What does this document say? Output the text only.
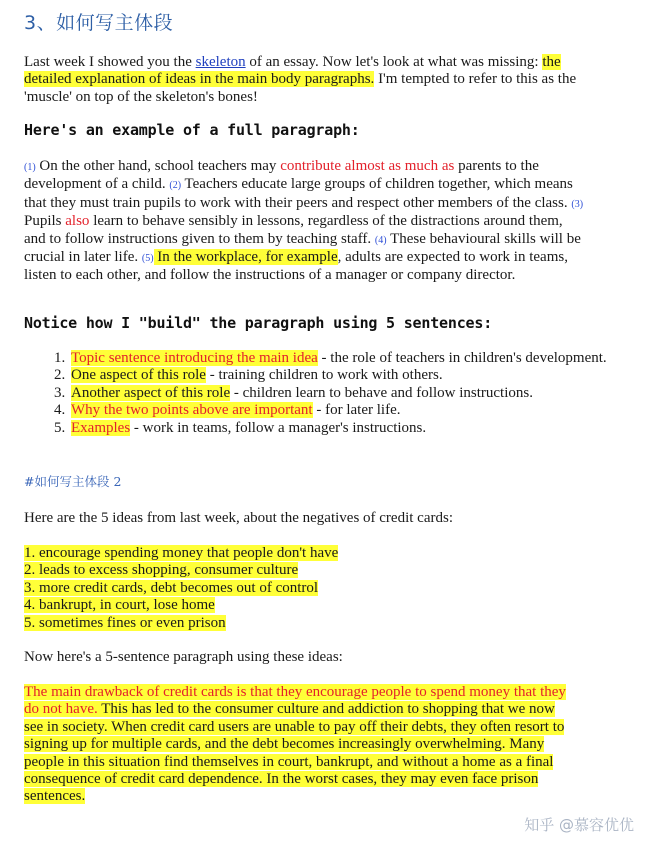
3、如何写主体段
Last week I showed you the skeleton of an essay. Now let's look at what was missing: the detailed explanation of ideas in the main body paragraphs. I'm tempted to refer to this as the 'muscle' on top of the skeleton's bones!
Here's an example of a full paragraph:
(1) On the other hand, school teachers may contribute almost as much as parents to the development of a child. (2) Teachers educate large groups of children together, which means that they must train pupils to work with their peers and respect other members of the class. (3) Pupils also learn to behave sensibly in lessons, regardless of the distractions around them, and to follow instructions given to them by teaching staff. (4) These behavioural skills will be crucial in later life. (5) In the workplace, for example, adults are expected to work in teams, listen to each other, and follow the instructions of a manager or company director.
Notice how I "build" the paragraph using 5 sentences:
1. Topic sentence introducing the main idea - the role of teachers in children's development.
2. One aspect of this role - training children to work with others.
3. Another aspect of this role - children learn to behave and follow instructions.
4. Why the two points above are important - for later life.
5. Examples - work in teams, follow a manager's instructions.
#如何写主体段 2
Here are the 5 ideas from last week, about the negatives of credit cards:
1. encourage spending money that people don't have
2. leads to excess shopping, consumer culture
3. more credit cards, debt becomes out of control
4. bankrupt, in court, lose home
5. sometimes fines or even prison
Now here's a 5-sentence paragraph using these ideas:
The main drawback of credit cards is that they encourage people to spend money that they do not have. This has led to the consumer culture and addiction to shopping that we now see in society. When credit card users are unable to pay off their debts, they often resort to signing up for multiple cards, and the debt becomes increasingly overwhelming. Many people in this situation find themselves in court, bankrupt, and without a home as a final consequence of credit card dependence. In the worst cases, they may even face prison sentences.
知乎 @慕容优优
